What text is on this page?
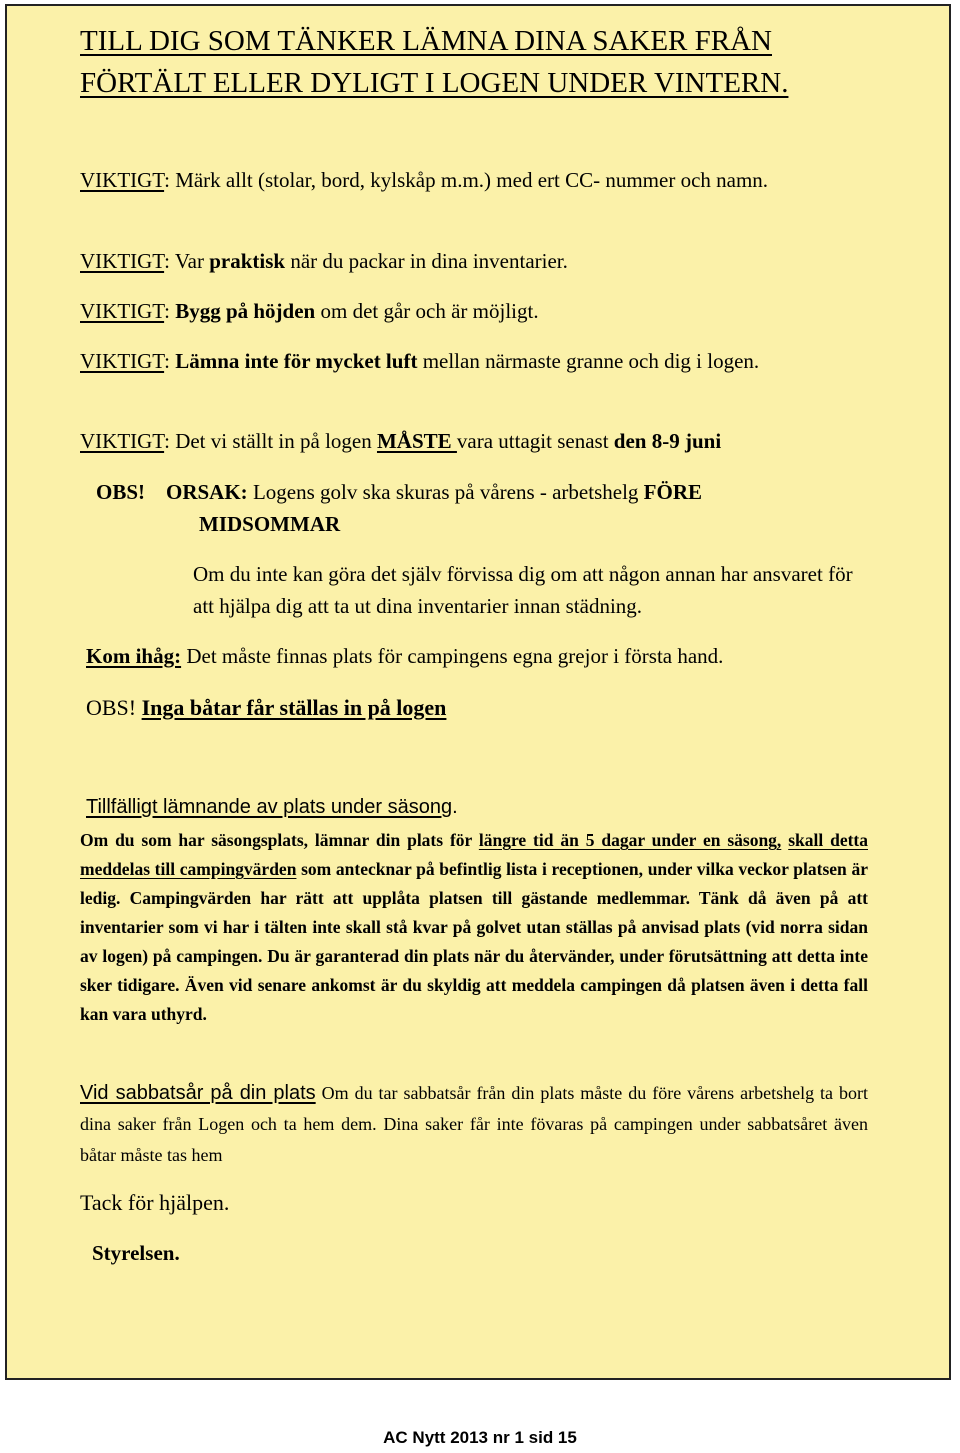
TILL DIG SOM TÄNKER LÄMNA DINA SAKER FRÅN FÖRTÄLT ELLER DYLIGT I LOGEN UNDER VINTERN.
VIKTIGT: Märk allt (stolar, bord, kylskåp m.m.) med ert CC- nummer och namn.
VIKTIGT: Var praktisk när du packar in dina inventarier.
VIKTIGT: Bygg på höjden om det går och är möjligt.
VIKTIGT: Lämna inte för mycket luft mellan närmaste granne och dig i logen.
VIKTIGT: Det vi ställt in på logen MÅSTE vara uttagit senast den 8-9 juni
OBS! ORSAK: Logens golv ska skuras på vårens - arbetshelg FÖRE
MIDSOMMAR
Om du inte kan göra det själv förvissa dig om att någon annan har ansvaret för att hjälpa dig att ta ut dina inventarier innan städning.
Kom ihåg: Det måste finnas plats för campingens egna grejor i första hand.
OBS! Inga båtar får ställas in på logen
Tillfälligt lämnande av plats under säsong.
Om du som har säsongsplats, lämnar din plats för längre tid än 5 dagar under en säsong, skall detta meddelas till campingvärden som antecknar på befintlig lista i receptionen, under vilka veckor platsen är ledig. Campingvärden har rätt att upplåta platsen till gästande medlemmar. Tänk då även på att inventarier som vi har i tälten inte skall stå kvar på golvet utan ställas på anvisad plats (vid norra sidan av logen) på campingen. Du är garanterad din plats när du återvänder, under förutsättning att detta inte sker tidigare. Även vid senare ankomst är du skyldig att meddela campingen då platsen även i detta fall kan vara uthyrd.
Vid sabbatsår på din plats Om du tar sabbatsår från din plats måste du före vårens arbetshelg ta bort dina saker från Logen och ta hem dem. Dina saker får inte fövaras på campingen under sabbatsåret även båtar måste tas hem
Tack för hjälpen.
Styrelsen.
AC Nytt 2013 nr 1 sid 15
